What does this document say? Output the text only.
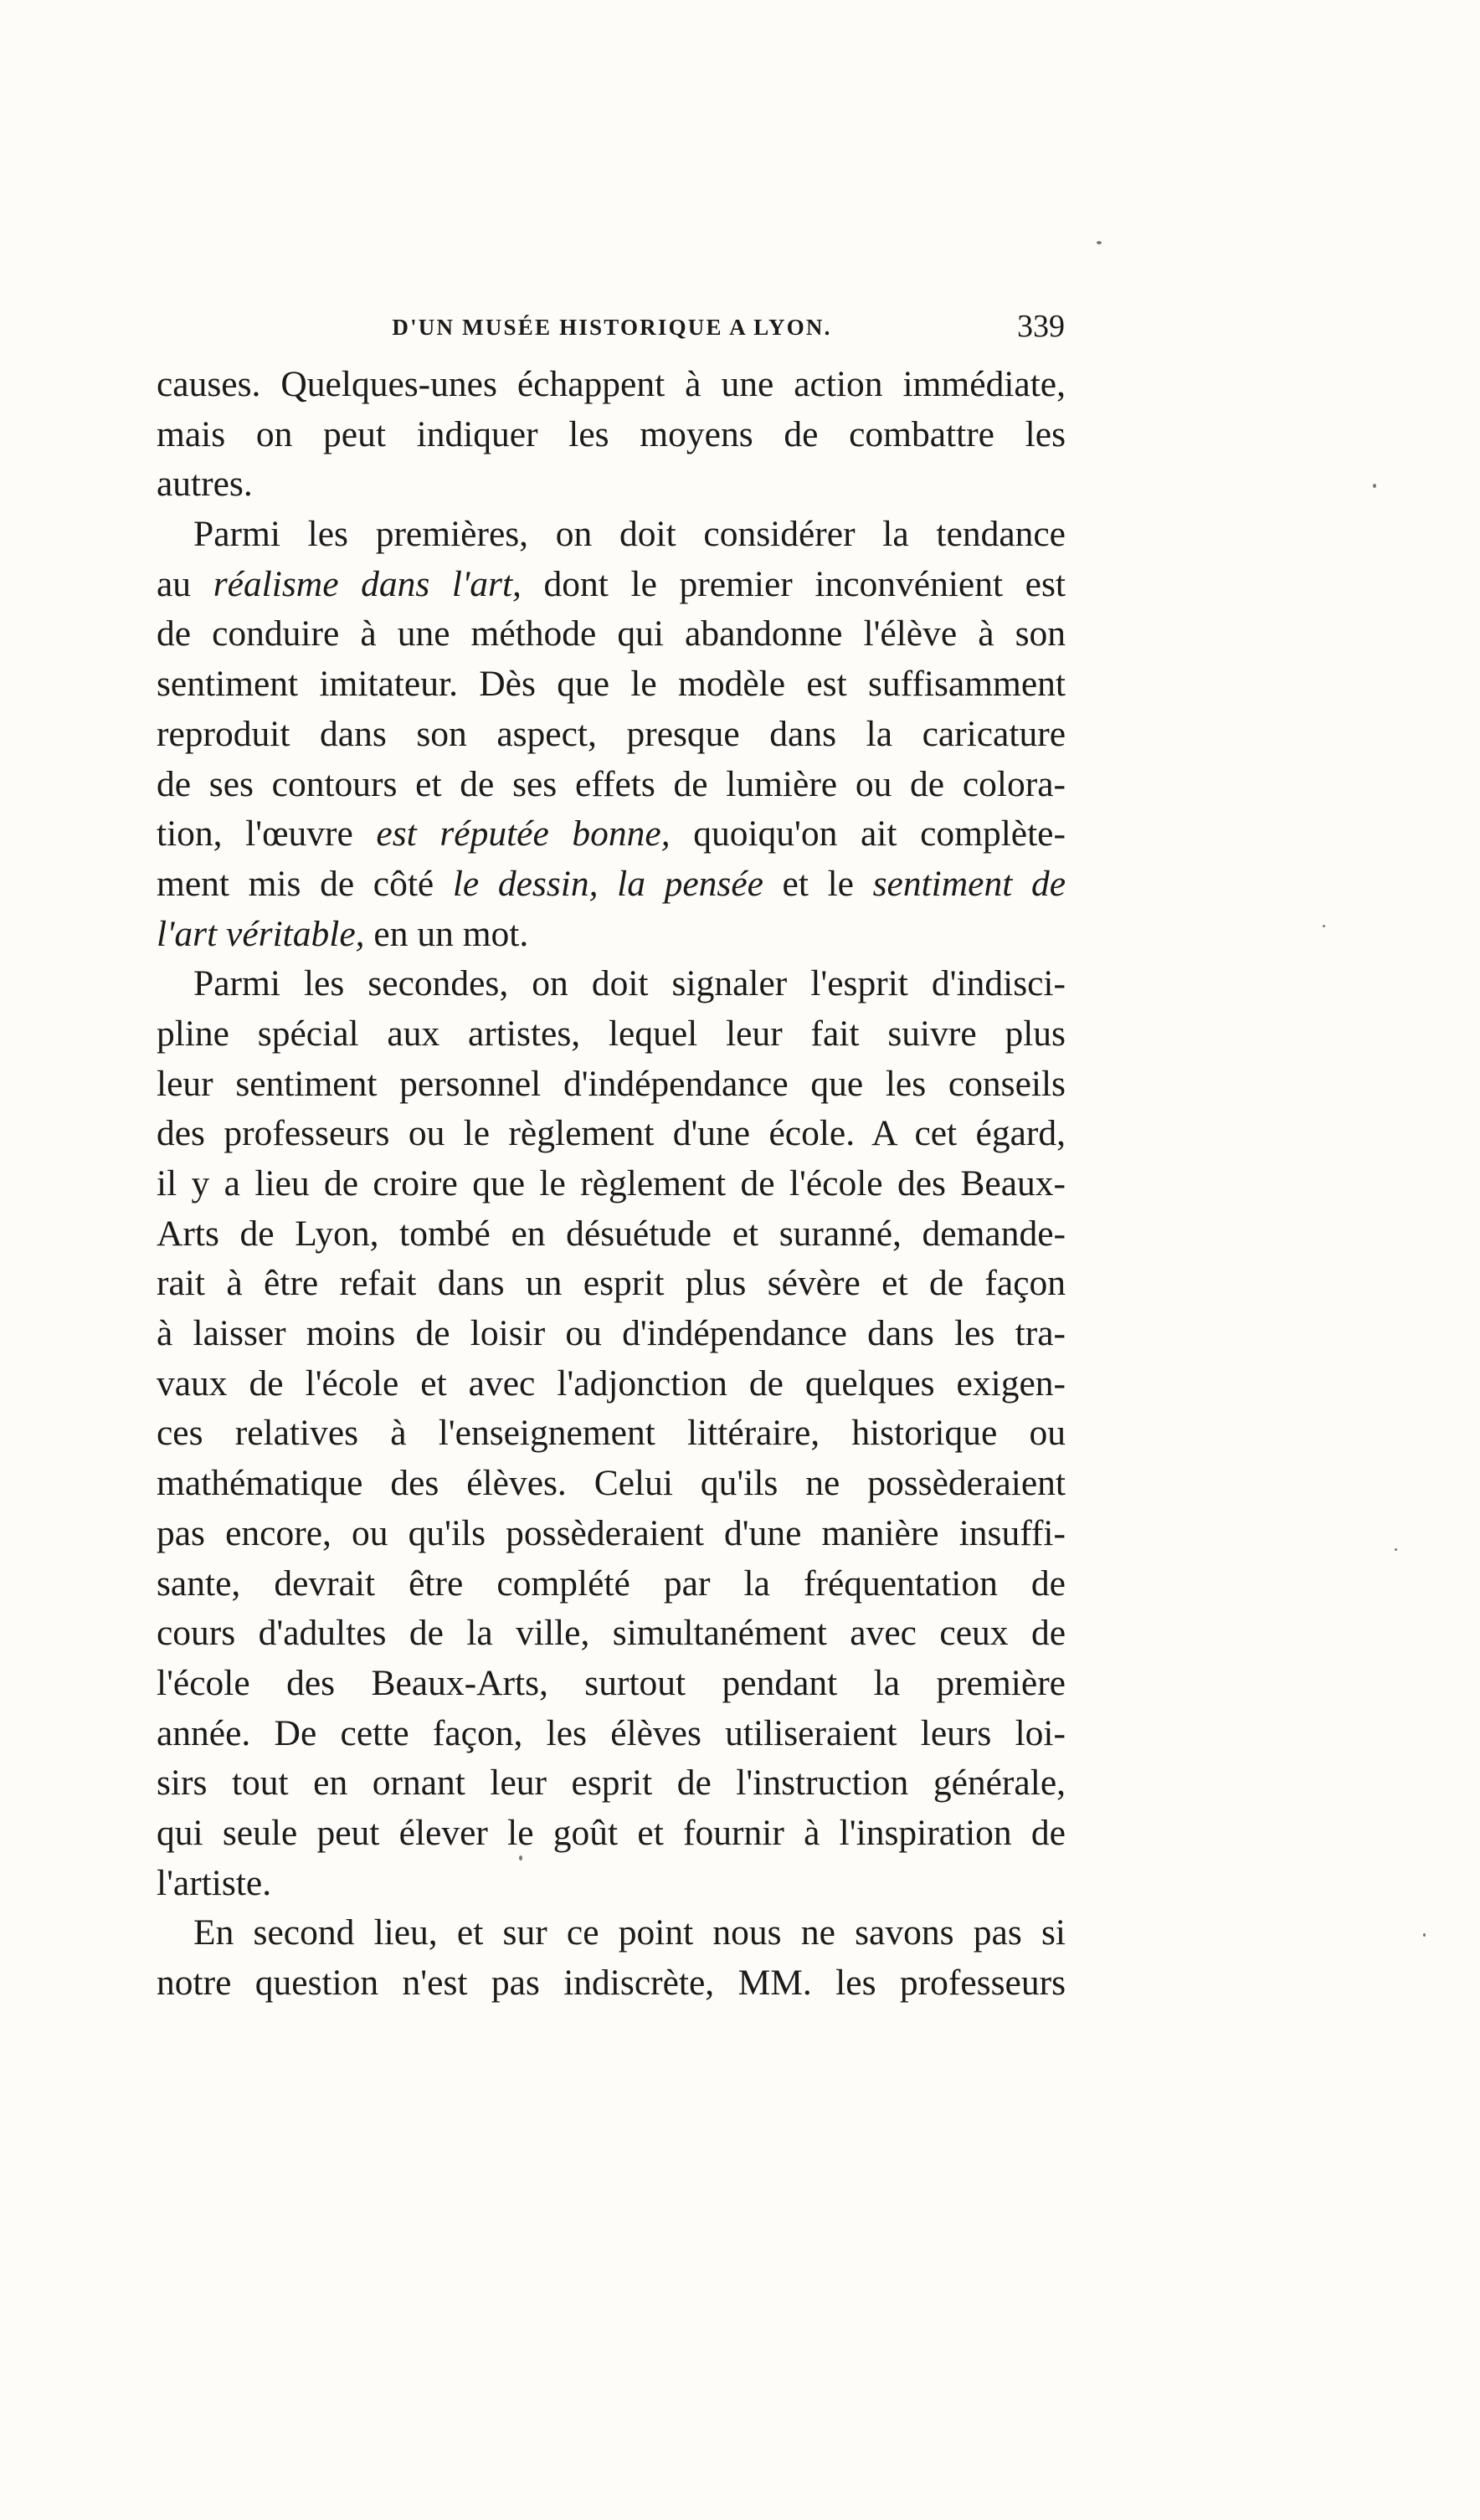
D'UN MUSÉE HISTORIQUE A LYON.	339
causes. Quelques-unes échappent à une action immédiate,
mais on peut indiquer les moyens de combattre les
autres.
Parmi les premières, on doit considérer la tendance
au réalisme dans l'art, dont le premier inconvénient est
de conduire à une méthode qui abandonne l'élève à son
sentiment imitateur. Dès que le modèle est suffisamment
reproduit dans son aspect, presque dans la caricature
de ses contours et de ses effets de lumière ou de colora-
tion, l'œuvre est réputée bonne, quoiqu'on ait complète-
ment mis de côté le dessin, la pensée et le sentiment de
l'art véritable, en un mot.
Parmi les secondes, on doit signaler l'esprit d'indisci-
pline spécial aux artistes, lequel leur fait suivre plus
leur sentiment personnel d'indépendance que les conseils
des professeurs ou le règlement d'une école. A cet égard,
il y a lieu de croire que le règlement de l'école des Beaux-
Arts de Lyon, tombé en désuétude et suranné, demande-
rait à être refait dans un esprit plus sévère et de façon
à laisser moins de loisir ou d'indépendance dans les tra-
vaux de l'école et avec l'adjonction de quelques exigen-
ces relatives à l'enseignement littéraire, historique ou
mathématique des élèves. Celui qu'ils ne possèderaient
pas encore, ou qu'ils possèderaient d'une manière insuffi-
sante, devrait être complété par la fréquentation de
cours d'adultes de la ville, simultanément avec ceux de
l'école des Beaux-Arts, surtout pendant la première
année. De cette façon, les élèves utiliseraient leurs loi-
sirs tout en ornant leur esprit de l'instruction générale,
qui seule peut élever le goût et fournir à l'inspiration de
l'artiste.
En second lieu, et sur ce point nous ne savons pas si
notre question n'est pas indiscrète, MM. les professeurs
